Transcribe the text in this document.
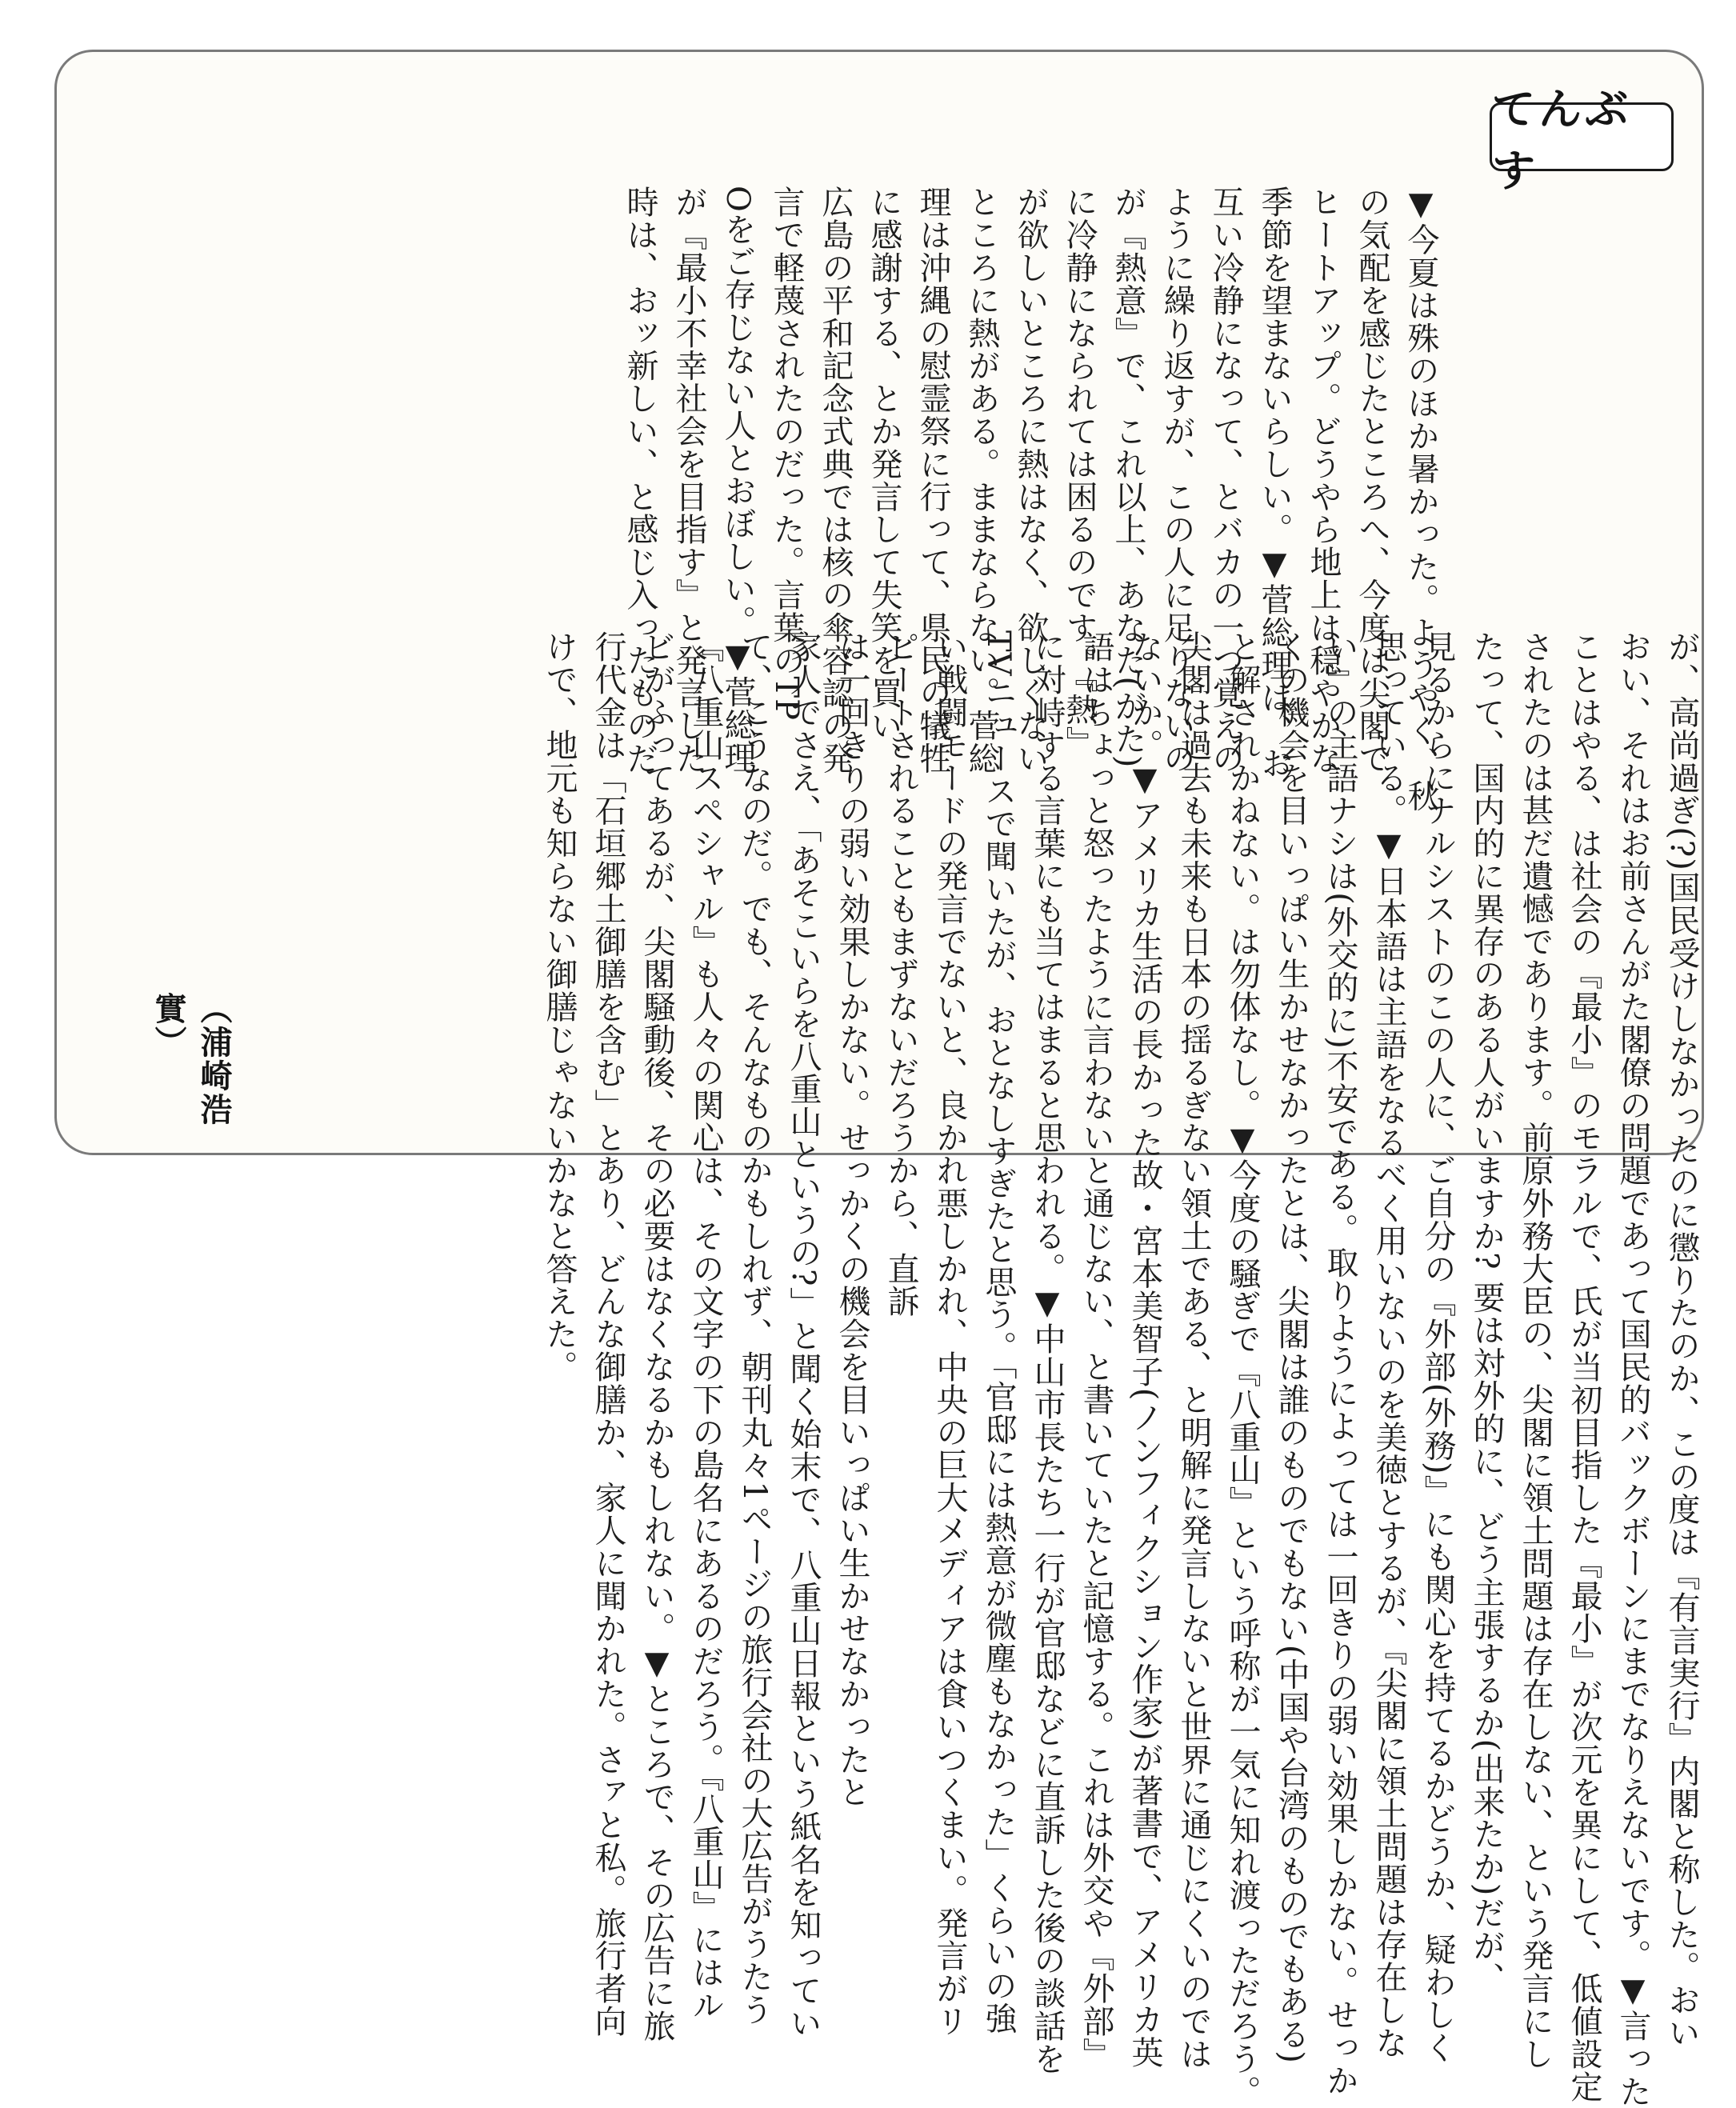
てんぶす
▼今夏は殊のほか暑かった。ようやく、秋
の気配を感じたところへ、今度は尖閣で
ヒートアップ。どうやら地上は穏やかな
季節を望まないらしい。▼菅総理は、お
互い冷静になって、とバカの一つ覚えの
ように繰り返すが、この人に足りないの
が『熱意』で、これ以上、あなた(がた)
に冷静になられては困るのです。『熱』
が欲しいところに熱はなく、欲しくない
ところに熱がある。ままならない。菅総
理は沖縄の慰霊祭に行って、県民の犠牲
に感謝する、とか発言して失笑を買い、
広島の平和記念式典では核の傘容認の発
言で軽蔑されたのだった。言葉のTP
Oをご存じない人とおぼしい。▼菅総理
が『最小不幸社会を目指す』と発言した
時は、おッ新しい、と感じ入ったものだ
が、高尚過ぎ(?)国民受けしなかったのに懲りたのか、この度は『有言実行』内閣と称した。おい
おい、それはお前さんがた閣僚の問題であって国民的バックボーンにまでなりえないです。▼言った
ことはやる、は社会の『最小』のモラルで、氏が当初目指した『最小』が次元を異にして、低値設定
されたのは甚だ遺憾であります。前原外務大臣の、尖閣に領土問題は存在しない、という発言にし
たって、国内的に異存のある人がいますか? 要は対外的に、どう主張するか(出来たか)だが、
見るからにナルシストのこの人に、ご自分の『外部(外務)』にも関心を持てるかどうか、疑わしく
思っている。▼日本語は主語をなるべく用いないのを美徳とするが、『尖閣に領土問題は存在しな
い』の主語ナシは(外交的に)不安である。取りようによっては一回きりの弱い効果しかない。せっか
くの機会を目いっぱい生かせなかったとは、尖閣は誰のものでもない(中国や台湾のものでもある)
と解されかねない。は勿体なし。▼今度の騒ぎで『八重山』という呼称が一気に知れ渡っただろう。
尖閣は過去も未来も日本の揺るぎない領土である、と明解に発言しないと世界に通じにくいのでは
ないか。▼アメリカ生活の長かった故・宮本美智子(ノンフィクション作家)が著書で、アメリカ英
語はちょっと怒ったように言わないと通じない、と書いていたと記憶する。これは外交や『外部』
に対峙する言葉にも当てはまると思われる。▼中山市長たち一行が官邸などに直訴した後の談話を
TVニュースで聞いたが、おとなしすぎたと思う。「官邸には熱意が微塵もなかった」くらいの強
い戦闘モードの発言でないと、良かれ悪しかれ、中央の巨大メディアは食いつくまい。発言がリ
ピートされることもまずないだろうから、直訴
は一回きりの弱い効果しかない。せっかくの機会を目いっぱい生かせなかったと
家人でさえ、「あそこいらを八重山というの?」と聞く始末で、八重山日報という紙名を知ってい
て、こうなのだ。でも、そんなものかもしれず、朝刊丸々1ページの旅行会社の大広告がうたう
『八重山スペシャル』も人々の関心は、その文字の下の島名にあるのだろう。『八重山』にはル
ビがふってあるが、尖閣騒動後、その必要はなくなるかもしれない。▼ところで、その広告に旅
行代金は「石垣郷土御膳を含む」とあり、どんな御膳か、家人に聞かれた。さァと私。旅行者向
けで、地元も知らない御膳じゃないかなと答えた。
（浦崎浩實）
